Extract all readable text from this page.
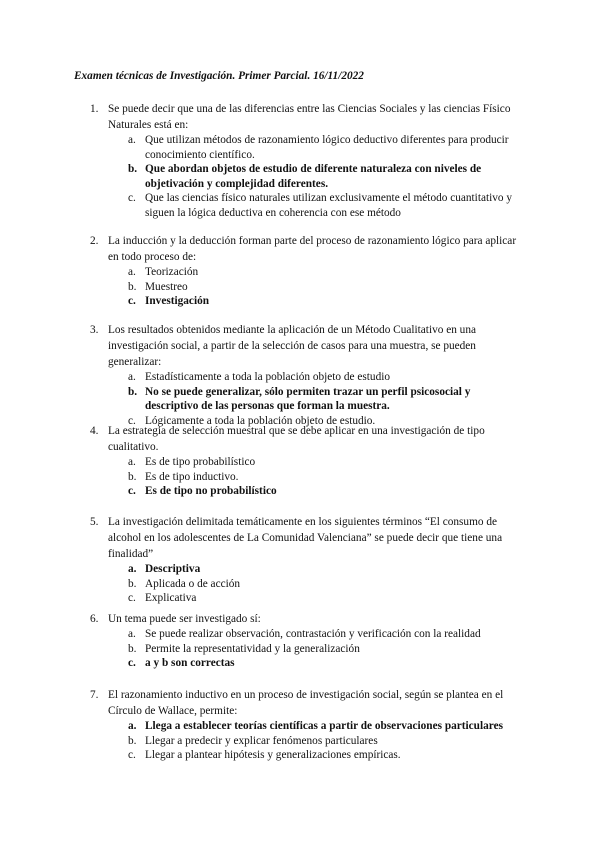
Examen técnicas de Investigación. Primer Parcial. 16/11/2022
1. Se puede decir que una de las diferencias entre las Ciencias Sociales y las ciencias Físico Naturales está en:
a. Que utilizan métodos de razonamiento lógico deductivo diferentes para producir conocimiento científico.
b. Que abordan objetos de estudio de diferente naturaleza con niveles de objetivación y complejidad diferentes.
c. Que las ciencias físico naturales utilizan exclusivamente el método cuantitativo y siguen la lógica deductiva en coherencia con ese método
2. La inducción y la deducción forman parte del proceso de razonamiento lógico para aplicar en todo proceso de:
a. Teorización
b. Muestreo
c. Investigación
3. Los resultados obtenidos mediante la aplicación de un Método Cualitativo en una investigación social, a partir de la selección de casos para una muestra, se pueden generalizar:
a. Estadísticamente a toda la población objeto de estudio
b. No se puede generalizar, sólo permiten trazar un perfil psicosocial y descriptivo de las personas que forman la muestra.
c. Lógicamente a toda la población objeto de estudio.
4. La estrategia de selección muestral que se debe aplicar en una investigación de tipo cualitativo.
a. Es de tipo probabilístico
b. Es de tipo inductivo.
c. Es de tipo no probabilístico
5. La investigación delimitada temáticamente en los siguientes términos “El consumo de alcohol en los adolescentes de La Comunidad Valenciana” se puede decir que tiene una finalidad”
a. Descriptiva
b. Aplicada o de acción
c. Explicativa
6. Un tema puede ser investigado sí:
a. Se puede realizar observación, contrastación y verificación con la realidad
b. Permite la representatividad y la generalización
c. a y b son correctas
7. El razonamiento inductivo en un proceso de investigación social, según se plantea en el Círculo de Wallace, permite:
a. Llega a establecer teorías científicas a partir de observaciones particulares
b. Llegar a predecir y explicar fenómenos particulares
c. Llegar a plantear hipótesis y generalizaciones empíricas.
